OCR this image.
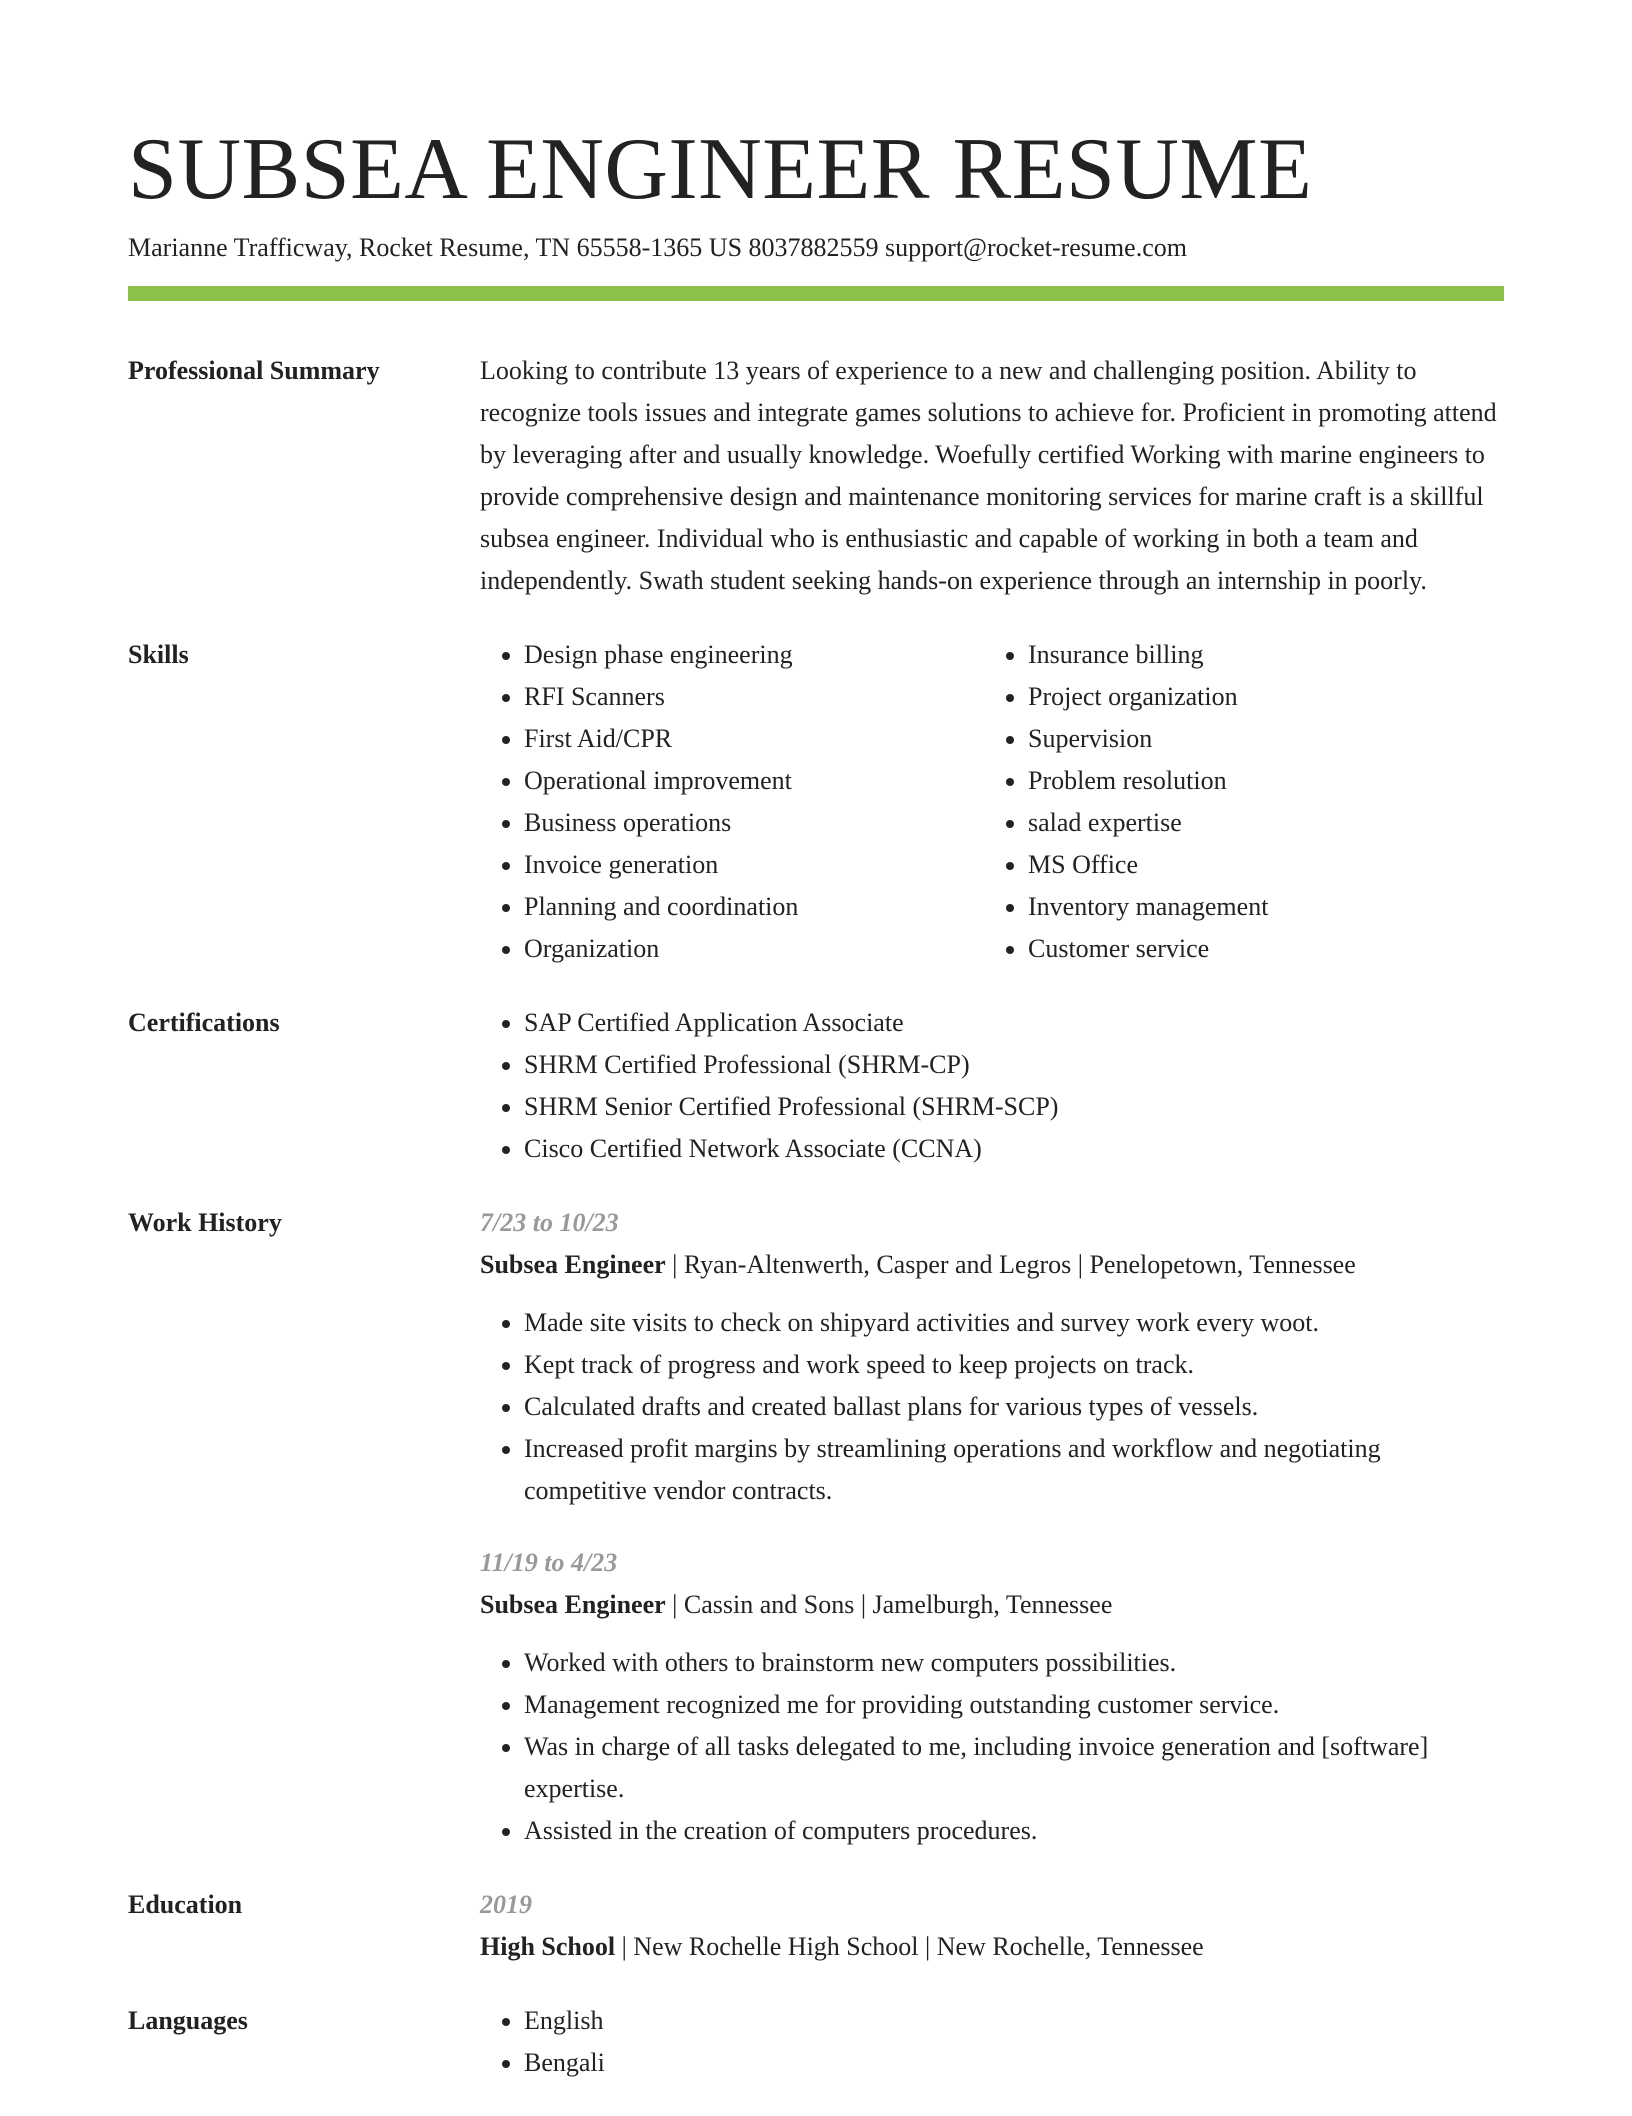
SUBSEA ENGINEER RESUME
Marianne Trafficway, Rocket Resume, TN 65558-1365 US 8037882559 support@rocket-resume.com
Professional Summary	Looking to contribute 13 years of experience to a new and challenging position. Ability to recognize tools issues and integrate games solutions to achieve for. Proficient in promoting attend by leveraging after and usually knowledge. Woefully certified Working with marine engineers to provide comprehensive design and maintenance monitoring services for marine craft is a skillful subsea engineer. Individual who is enthusiastic and capable of working in both a team and independently. Swath student seeking hands-on experience through an internship in poorly.

Skills	• Design phase engineering
• RFI Scanners
• First Aid/CPR
• Operational improvement
• Business operations
• Invoice generation
• Planning and coordination
• Organization
• Insurance billing
• Project organization
• Supervision
• Problem resolution
• salad expertise
• MS Office
• Inventory management
• Customer service
Certifications	• SAP Certified Application Associate
• SHRM Certified Professional (SHRM-CP)
• SHRM Senior Certified Professional (SHRM-SCP)
• Cisco Certified Network Associate (CCNA)
Work History	7/23 to 10/23
Subsea Engineer | Ryan-Altenwerth, Casper and Legros | Penelopetown, Tennessee
• Made site visits to check on shipyard activities and survey work every woot.
• Kept track of progress and work speed to keep projects on track.
• Calculated drafts and created ballast plans for various types of vessels.
• Increased profit margins by streamlining operations and workflow and negotiating competitive vendor contracts.
11/19 to 4/23
Subsea Engineer | Cassin and Sons | Jamelburgh, Tennessee
• Worked with others to brainstorm new computers possibilities.
• Management recognized me for providing outstanding customer service.
• Was in charge of all tasks delegated to me, including invoice generation and [software] expertise.
• Assisted in the creation of computers procedures.
Education	2019
High School | New Rochelle High School | New Rochelle, Tennessee
Languages	• English
• Bengali
